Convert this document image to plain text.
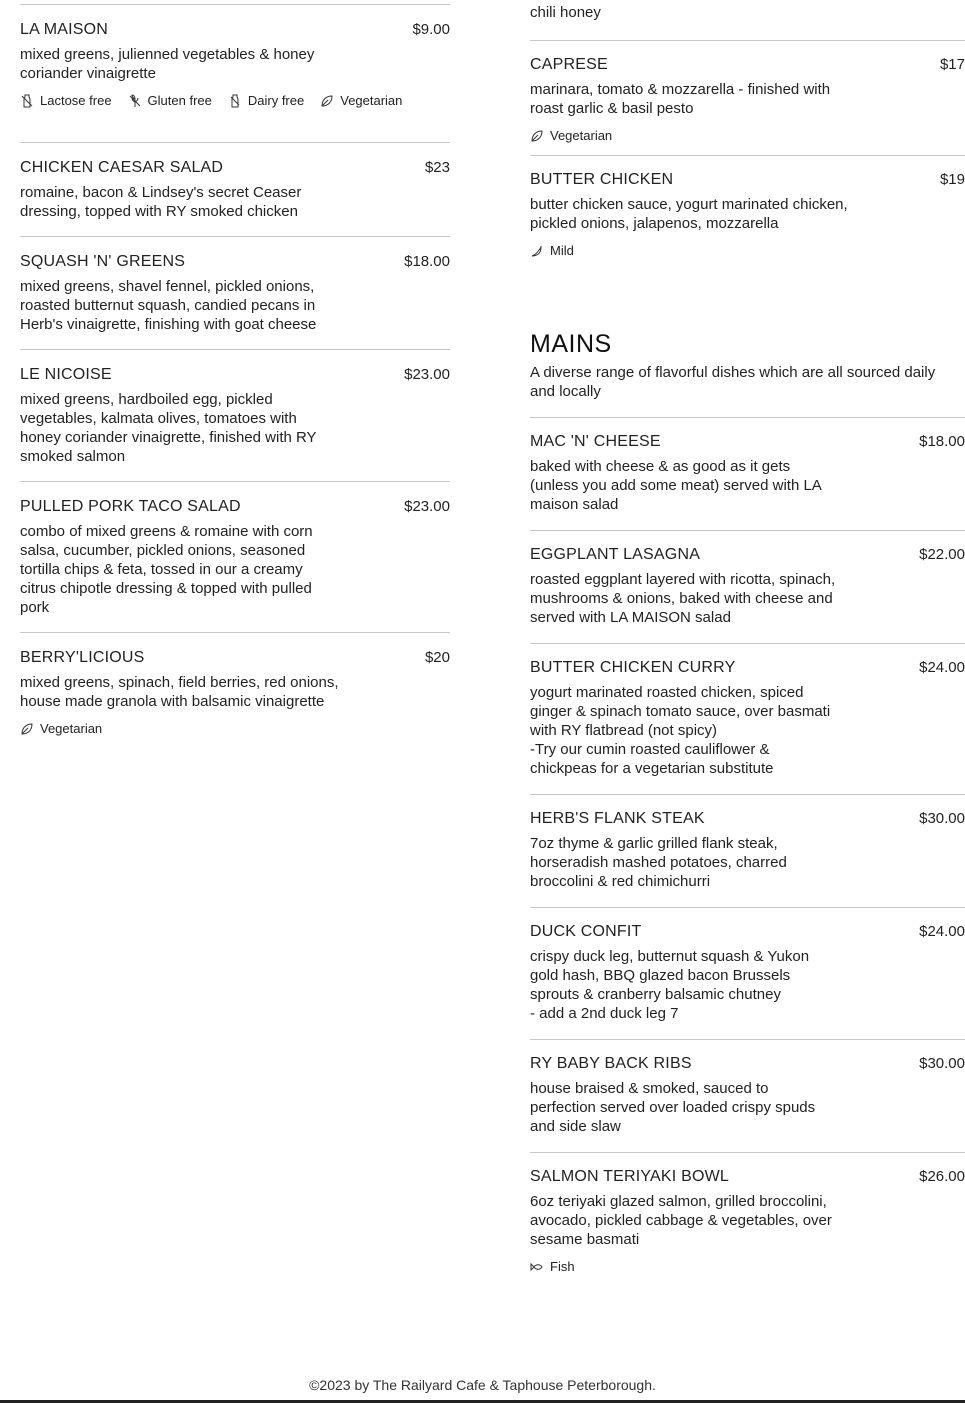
LA MAISON	$9.00
mixed greens, julienned vegetables & honey
coriander vinaigrette
Lactose free	Gluten free	Dairy free	Vegetarian
CHICKEN CAESAR SALAD	$23
romaine, bacon & Lindsey's secret Ceaser
dressing, topped with RY smoked chicken
SQUASH 'N' GREENS	$18.00
mixed greens, shavel fennel, pickled onions,
roasted butternut squash, candied pecans in
Herb's vinaigrette, finishing with goat cheese
LE NICOISE	$23.00
mixed greens, hardboiled egg, pickled
vegetables, kalmata olives, tomatoes with
honey coriander vinaigrette, finished with RY
smoked salmon
PULLED PORK TACO SALAD	$23.00
combo of mixed greens & romaine with corn
salsa, cucumber, pickled onions, seasoned
tortilla chips & feta, tossed in our a creamy
citrus chipotle dressing & topped with pulled
pork
BERRY'LICIOUS	$20
mixed greens, spinach, field berries, red onions,
house made granola with balsamic vinaigrette
Vegetarian
chili honey
CAPRESE	$17
marinara, tomato & mozzarella - finished with
roast garlic & basil pesto
Vegetarian
BUTTER CHICKEN	$19
butter chicken sauce, yogurt marinated chicken,
pickled onions, jalapenos, mozzarella
Mild
MAINS
A diverse range of flavorful dishes which are all sourced daily and locally
MAC 'N' CHEESE	$18.00
baked with cheese & as good as it gets
(unless you add some meat) served with LA
maison salad
EGGPLANT LASAGNA	$22.00
roasted eggplant layered with ricotta, spinach,
mushrooms & onions, baked with cheese and
served with LA MAISON salad
BUTTER CHICKEN CURRY	$24.00
yogurt marinated roasted chicken, spiced
ginger & spinach tomato sauce, over basmati
with RY flatbread (not spicy)
-Try our cumin roasted cauliflower &
chickpeas for a vegetarian substitute
HERB'S FLANK STEAK	$30.00
7oz thyme & garlic grilled flank steak,
horseradish mashed potatoes, charred
broccolini & red chimichurri
DUCK CONFIT	$24.00
crispy duck leg, butternut squash & Yukon
gold hash, BBQ glazed bacon Brussels
sprouts & cranberry balsamic chutney
- add a 2nd duck leg 7
RY BABY BACK RIBS	$30.00
house braised & smoked, sauced to
perfection served over loaded crispy spuds
and side slaw
SALMON TERIYAKI BOWL	$26.00
6oz teriyaki glazed salmon, grilled broccolini,
avocado, pickled cabbage & vegetables, over
sesame basmati
Fish
©2023 by The Railyard Cafe & Taphouse Peterborough.
